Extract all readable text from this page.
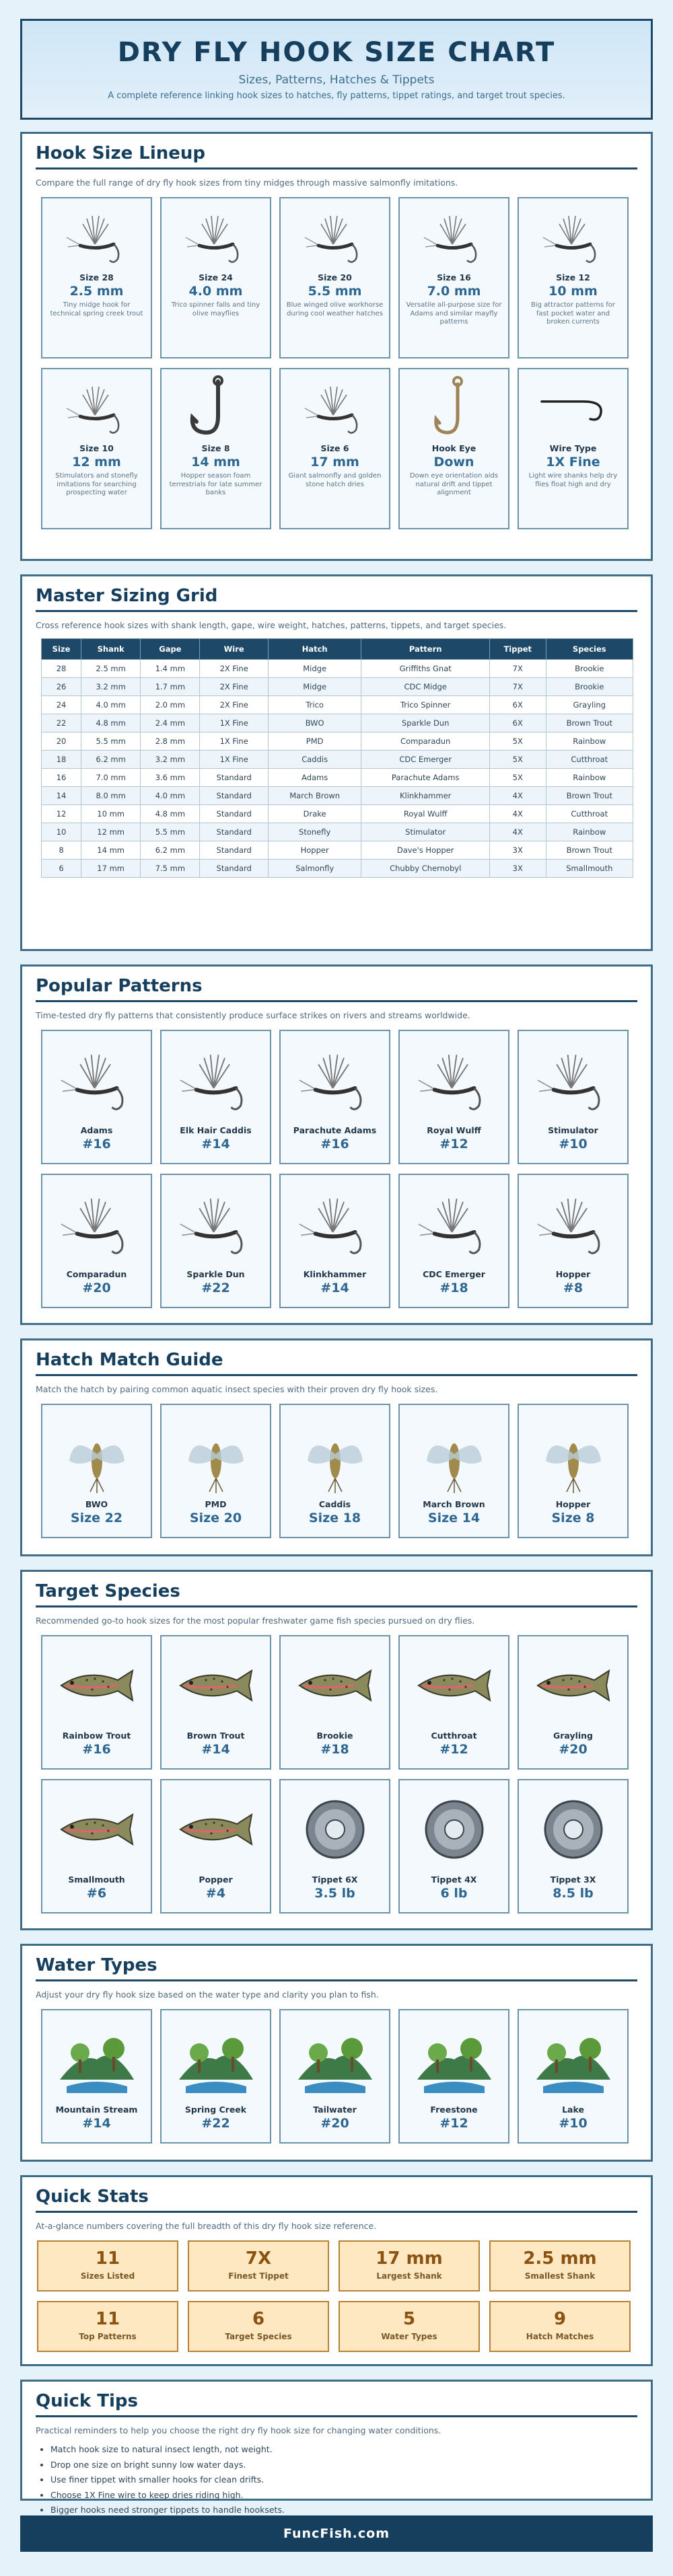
DRY FLY HOOK SIZE CHART
Sizes, Patterns, Hatches & Tippets
A complete reference linking hook sizes to hatches, fly patterns, tippet ratings, and target trout species.
Hook Size Lineup
Compare the full range of dry fly hook sizes from tiny midges through massive salmonfly imitations.
Size 28
2.5 mm
Tiny midge hook for technical spring creek trout
Size 24
4.0 mm
Trico spinner falls and tiny olive mayflies
Size 20
5.5 mm
Blue winged olive workhorse during cool weather hatches
Size 16
7.0 mm
Versatile all-purpose size for Adams and similar mayfly patterns
Size 12
10 mm
Big attractor patterns for fast pocket water and broken currents
Size 10
12 mm
Stimulators and stonefly imitations for searching prospecting water
Size 8
14 mm
Hopper season foam terrestrials for late summer banks
Size 6
17 mm
Giant salmonfly and golden stone hatch dries
Hook Eye
Down
Down eye orientation aids natural drift and tippet alignment
Wire Type
1X Fine
Light wire shanks help dry flies float high and dry
Master Sizing Grid
Cross reference hook sizes with shank length, gape, wire weight, hatches, patterns, tippets, and target species.
Size	Shank	Gape	Wire	Hatch	Pattern	Tippet	Species
28	2.5 mm	1.4 mm	2X Fine	Midge	Griffiths Gnat	7X	Brookie
26	3.2 mm	1.7 mm	2X Fine	Midge	CDC Midge	7X	Brookie
24	4.0 mm	2.0 mm	2X Fine	Trico	Trico Spinner	6X	Grayling
22	4.8 mm	2.4 mm	1X Fine	BWO	Sparkle Dun	6X	Brown Trout
20	5.5 mm	2.8 mm	1X Fine	PMD	Comparadun	5X	Rainbow
18	6.2 mm	3.2 mm	1X Fine	Caddis	CDC Emerger	5X	Cutthroat
16	7.0 mm	3.6 mm	Standard	Adams	Parachute Adams	5X	Rainbow
14	8.0 mm	4.0 mm	Standard	March Brown	Klinkhammer	4X	Brown Trout
12	10 mm	4.8 mm	Standard	Drake	Royal Wulff	4X	Cutthroat
10	12 mm	5.5 mm	Standard	Stonefly	Stimulator	4X	Rainbow
8	14 mm	6.2 mm	Standard	Hopper	Dave's Hopper	3X	Brown Trout
6	17 mm	7.5 mm	Standard	Salmonfly	Chubby Chernobyl	3X	Smallmouth
Popular Patterns
Time-tested dry fly patterns that consistently produce surface strikes on rivers and streams worldwide.
Adams
#16
Elk Hair Caddis
#14
Parachute Adams
#16
Royal Wulff
#12
Stimulator
#10
Comparadun
#20
Sparkle Dun
#22
Klinkhammer
#14
CDC Emerger
#18
Hopper
#8
Hatch Match Guide
Match the hatch by pairing common aquatic insect species with their proven dry fly hook sizes.
BWO
Size 22
PMD
Size 20
Caddis
Size 18
March Brown
Size 14
Hopper
Size 8
Target Species
Recommended go-to hook sizes for the most popular freshwater game fish species pursued on dry flies.
Rainbow Trout
#16
Brown Trout
#14
Brookie
#18
Cutthroat
#12
Grayling
#20
Smallmouth
#6
Popper
#4
Tippet 6X
3.5 lb
Tippet 4X
6 lb
Tippet 3X
8.5 lb
Water Types
Adjust your dry fly hook size based on the water type and clarity you plan to fish.
Mountain Stream
#14
Spring Creek
#22
Tailwater
#20
Freestone
#12
Lake
#10
Quick Stats
At-a-glance numbers covering the full breadth of this dry fly hook size reference.
11
Sizes Listed
7X
Finest Tippet
17 mm
Largest Shank
2.5 mm
Smallest Shank
11
Top Patterns
6
Target Species
5
Water Types
9
Hatch Matches
Quick Tips
Practical reminders to help you choose the right dry fly hook size for changing water conditions.
• Match hook size to natural insect length, not weight.
• Drop one size on bright sunny low water days.
• Use finer tippet with smaller hooks for clean drifts.
• Choose 1X Fine wire to keep dries riding high.
• Bigger hooks need stronger tippets to handle hooksets.
FuncFish.com
